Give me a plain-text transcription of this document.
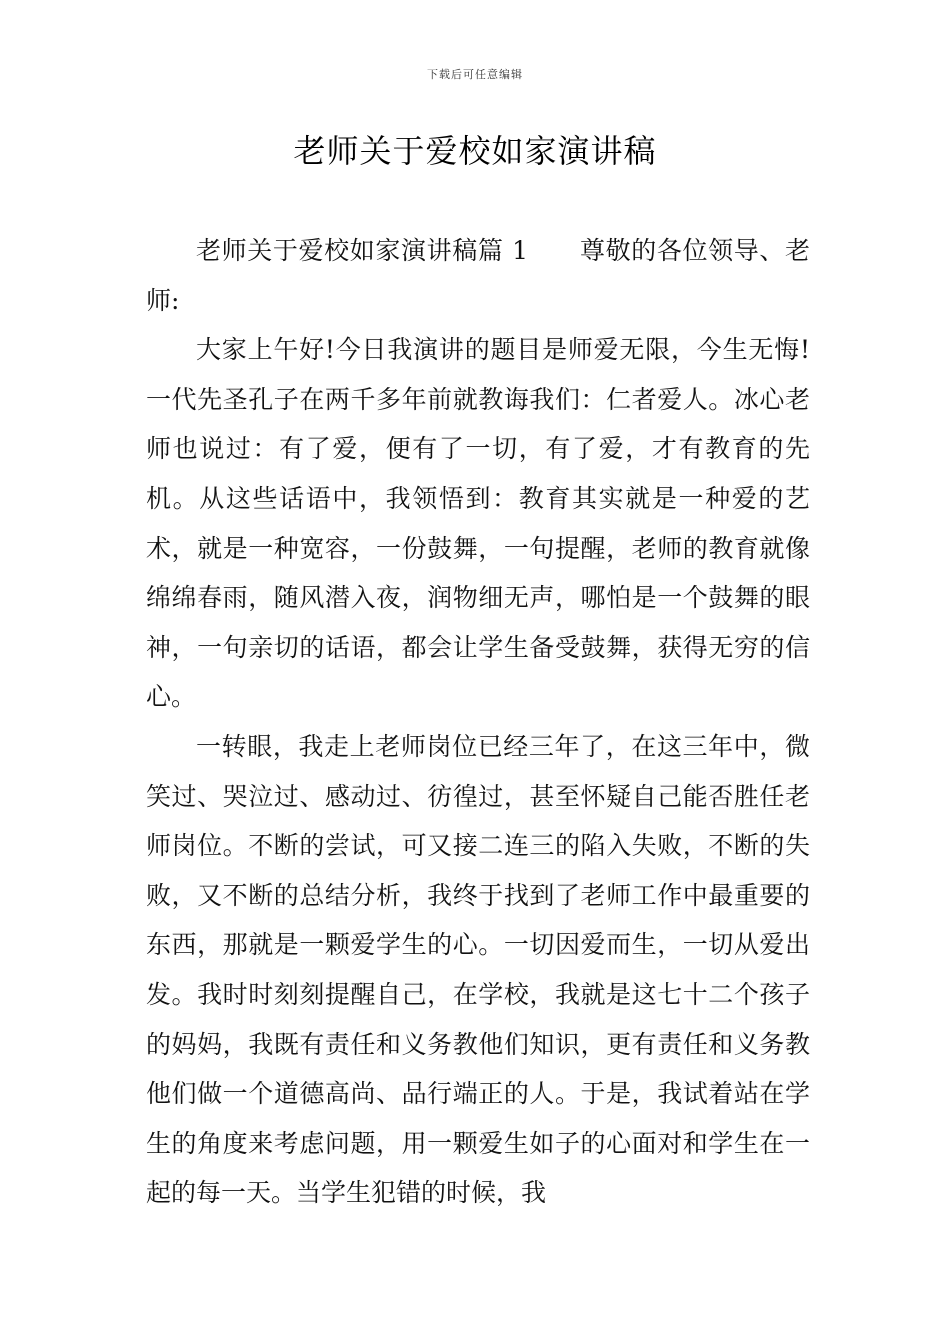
下载后可任意编辑
老师关于爱校如家演讲稿

老师关于爱校如家演讲稿篇 1　　尊敬的各位领导、老师:

大家上午好!今日我演讲的题目是师爱无限，今生无悔!一代先圣孔子在两千多年前就教诲我们：仁者爱人。冰心老师也说过：有了爱，便有了一切，有了爱，才有教育的先机。从这些话语中，我领悟到：教育其实就是一种爱的艺术，就是一种宽容，一份鼓舞，一句提醒，老师的教育就像绵绵春雨，随风潜入夜，润物细无声，哪怕是一个鼓舞的眼神，一句亲切的话语，都会让学生备受鼓舞，获得无穷的信心。

一转眼，我走上老师岗位已经三年了，在这三年中，微笑过、哭泣过、感动过、彷徨过，甚至怀疑自己能否胜任老师岗位。不断的尝试，可又接二连三的陷入失败，不断的失败，又不断的总结分析，我终于找到了老师工作中最重要的东西，那就是一颗爱学生的心。一切因爱而生，一切从爱出发。我时时刻刻提醒自己，在学校，我就是这七十二个孩子的妈妈，我既有责任和义务教他们知识，更有责任和义务教他们做一个道德高尚、品行端正的人。于是，我试着站在学生的角度来考虑问题，用一颗爱生如子的心面对和学生在一起的每一天。当学生犯错的时候，我
